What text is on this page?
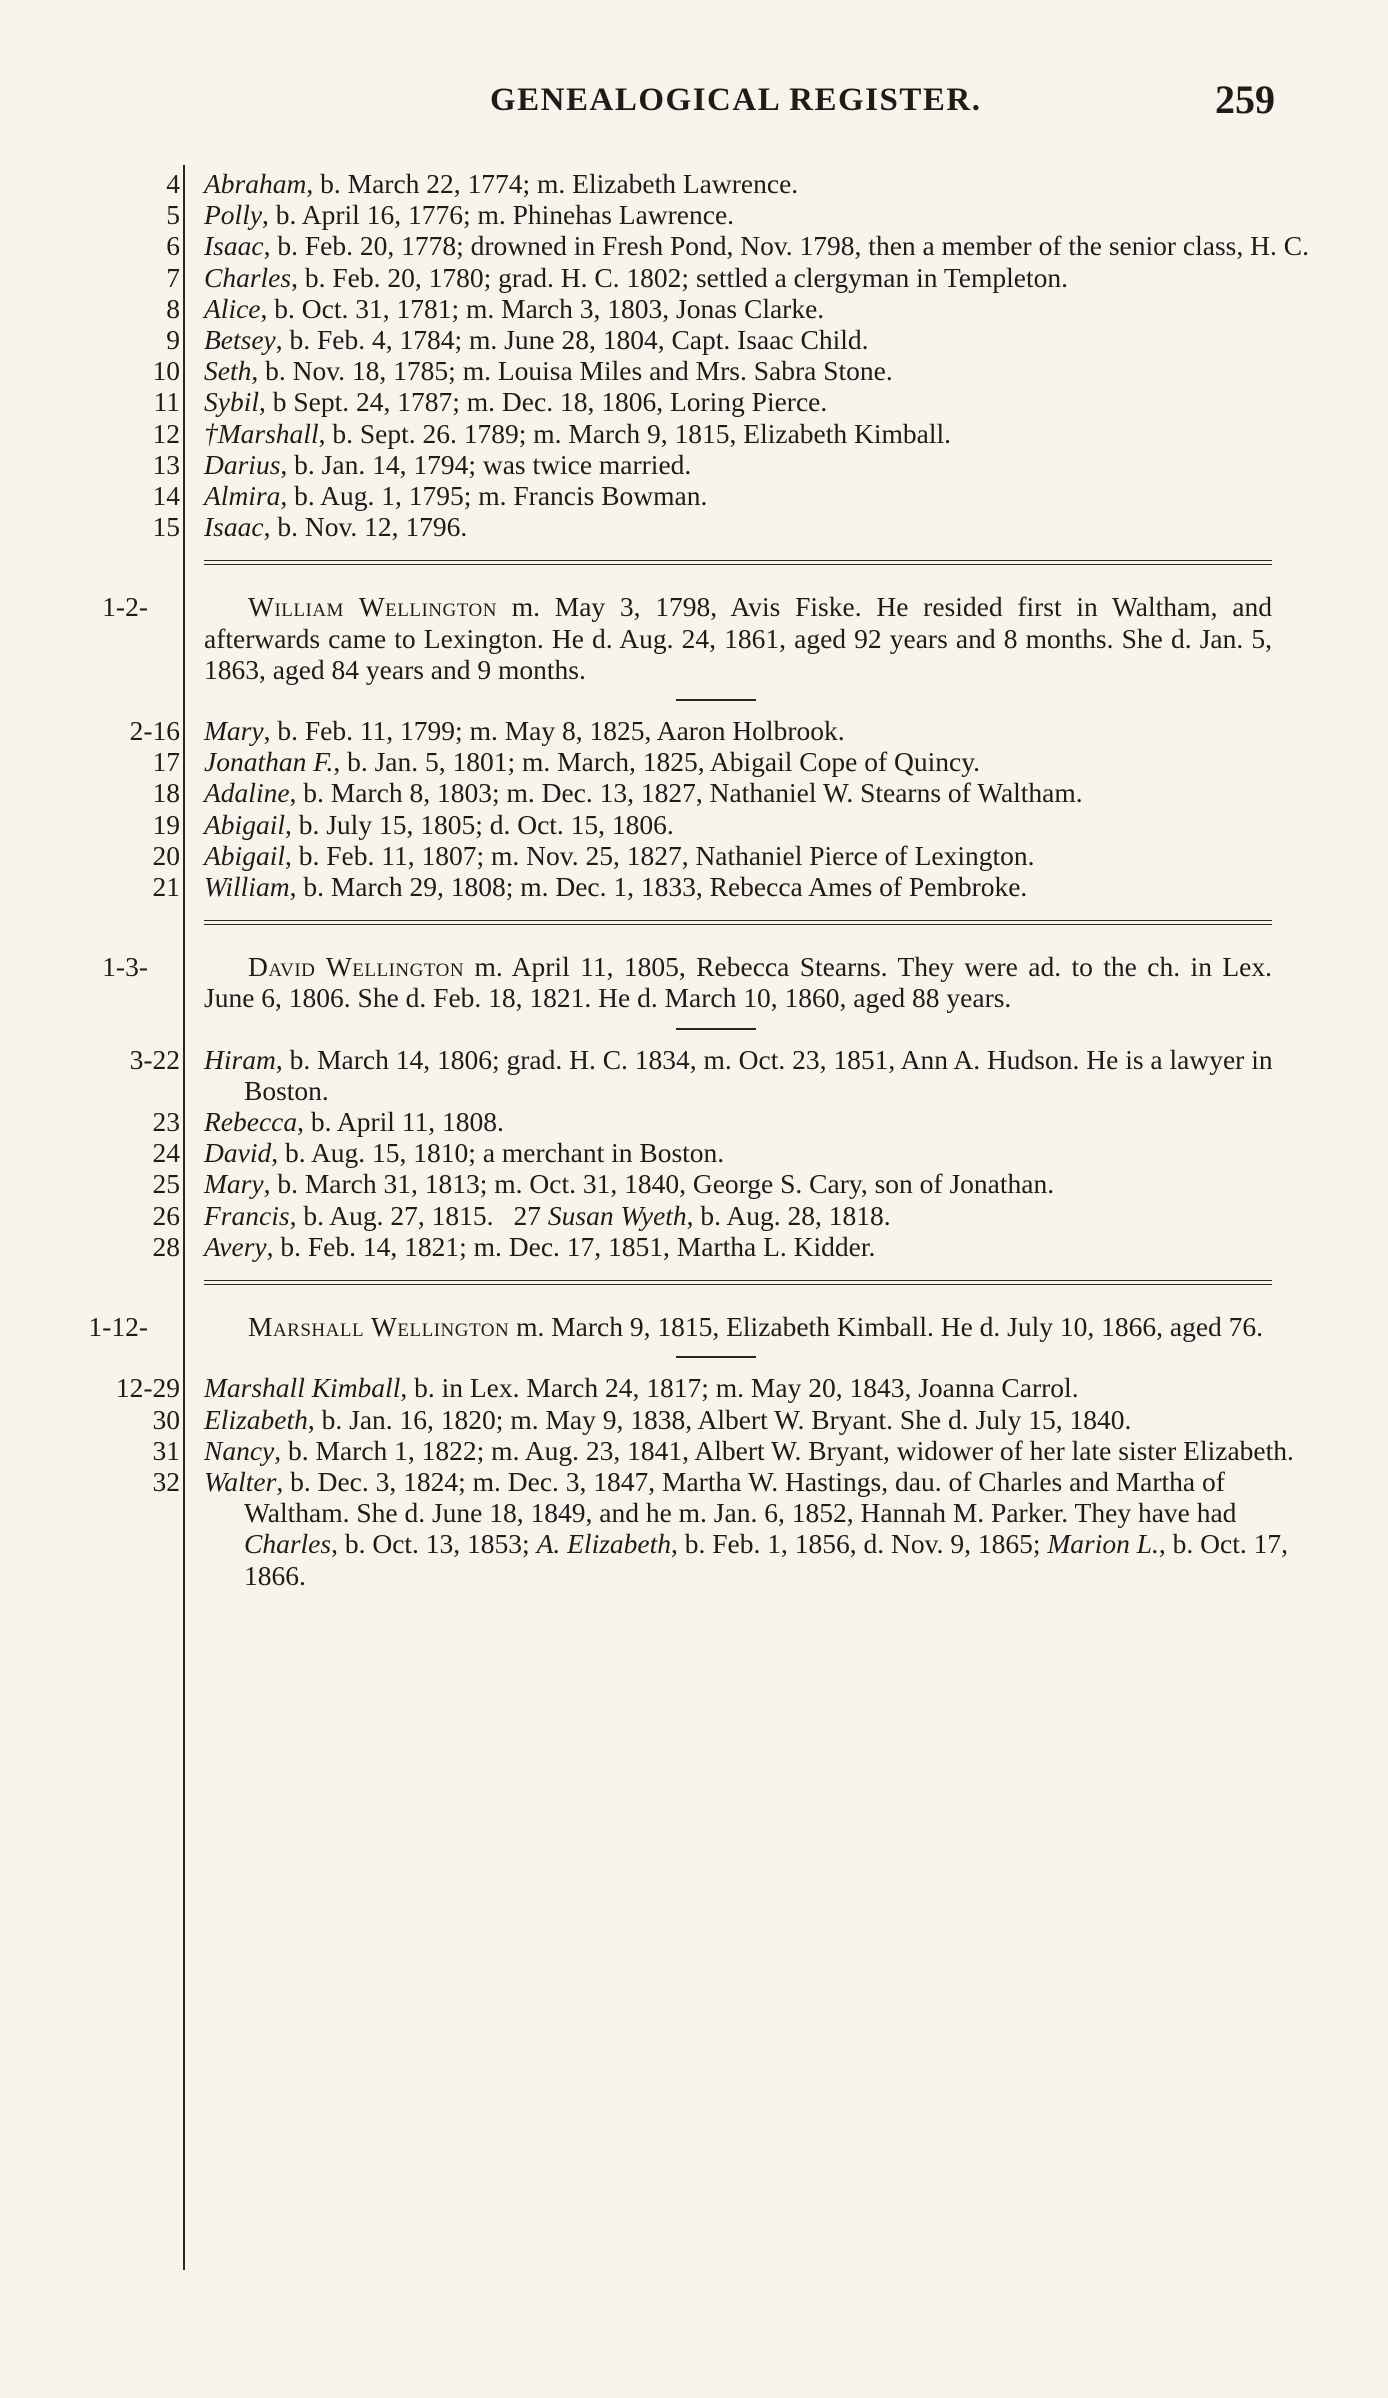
GENEALOGICAL REGISTER.	259
4 Abraham, b. March 22, 1774; m. Elizabeth Lawrence.
5 Polly, b. April 16, 1776; m. Phinehas Lawrence.
6 Isaac, b. Feb. 20, 1778; drowned in Fresh Pond, Nov. 1798, then a member of the senior class, H. C.
7 Charles, b. Feb. 20, 1780; grad. H. C. 1802; settled a clergyman in Templeton.
8 Alice, b. Oct. 31, 1781; m. March 3, 1803, Jonas Clarke.
9 Betsey, b. Feb. 4, 1784; m. June 28, 1804, Capt. Isaac Child.
10 Seth, b. Nov. 18, 1785; m. Louisa Miles and Mrs. Sabra Stone.
11 Sybil, b Sept. 24, 1787; m. Dec. 18, 1806, Loring Pierce.
12 †Marshall, b. Sept. 26. 1789; m. March 9, 1815, Elizabeth Kimball.
13 Darius, b. Jan. 14, 1794; was twice married.
14 Almira, b. Aug. 1, 1795; m. Francis Bowman.
15 Isaac, b. Nov. 12, 1796.
1-2-	William Wellington m. May 3, 1798, Avis Fiske. He resided first in Waltham, and afterwards came to Lexington. He d. Aug. 24, 1861, aged 92 years and 8 months. She d. Jan. 5, 1863, aged 84 years and 9 months.
2-16 Mary, b. Feb. 11, 1799; m. May 8, 1825, Aaron Holbrook.
17 Jonathan F., b. Jan. 5, 1801; m. March, 1825, Abigail Cope of Quincy.
18 Adaline, b. March 8, 1803; m. Dec. 13, 1827, Nathaniel W. Stearns of Waltham.
19 Abigail, b. July 15, 1805; d. Oct. 15, 1806.
20 Abigail, b. Feb. 11, 1807; m. Nov. 25, 1827, Nathaniel Pierce of Lexington.
21 William, b. March 29, 1808; m. Dec. 1, 1833, Rebecca Ames of Pembroke.
1-3-	David Wellington m. April 11, 1805, Rebecca Stearns. They were ad. to the ch. in Lex. June 6, 1806. She d. Feb. 18, 1821. He d. March 10, 1860, aged 88 years.
3-22 Hiram, b. March 14, 1806; grad. H. C. 1834, m. Oct. 23, 1851, Ann A. Hudson. He is a lawyer in Boston.
23 Rebecca, b. April 11, 1808.
24 David, b. Aug. 15, 1810; a merchant in Boston.
25 Mary, b. March 31, 1813; m. Oct. 31, 1840, George S. Cary, son of Jonathan.
26 Francis, b. Aug. 27, 1815. 27 Susan Wyeth, b. Aug. 28, 1818.
28 Avery, b. Feb. 14, 1821; m. Dec. 17, 1851, Martha L. Kidder.
1-12-	Marshall Wellington m. March 9, 1815, Elizabeth Kimball. He d. July 10, 1866, aged 76.
12-29 Marshall Kimball, b. in Lex. March 24, 1817; m. May 20, 1843, Joanna Carrol.
30 Elizabeth, b. Jan. 16, 1820; m. May 9, 1838, Albert W. Bryant. She d. July 15, 1840.
31 Nancy, b. March 1, 1822; m. Aug. 23, 1841, Albert W. Bryant, widower of her late sister Elizabeth.
32 Walter, b. Dec. 3, 1824; m. Dec. 3, 1847, Martha W. Hastings, dau. of Charles and Martha of Waltham. She d. June 18, 1849, and he m. Jan. 6, 1852, Hannah M. Parker. They have had Charles, b. Oct. 13, 1853; A. Elizabeth, b. Feb. 1, 1856, d. Nov. 9, 1865; Marion L., b. Oct. 17, 1866.
